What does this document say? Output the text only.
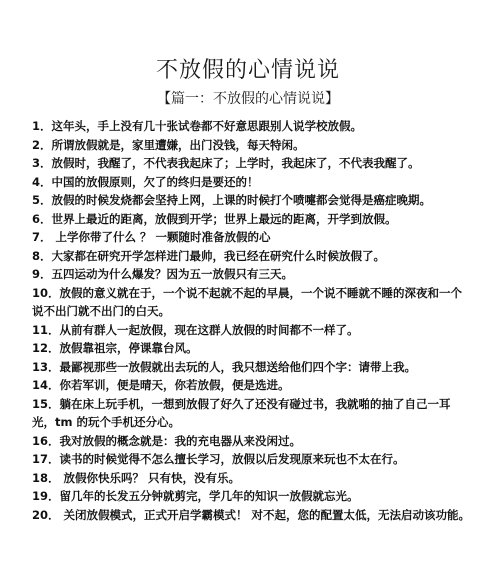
不放假的心情说说
【篇一：不放假的心情说说】

1．这年头，手上没有几十张试卷都不好意思跟别人说学校放假。

2．所谓放假就是，家里遭嫌，出门没钱，每天特闲。

3．放假时，我醒了，不代表我起床了；上学时，我起床了，不代表我醒了。

4．中国的放假原则，欠了的终归是要还的！

5．放假的时候发烧都会坚持上网，上课的时候打个喷嚏都会觉得是癌症晚期。

6．世界上最近的距离，放假到开学；世界上最远的距离，开学到放假。

7． 上学你带了什么 ？ 一颗随时准备放假的心

8．大家都在研究开学怎样进门最帅，我已经在研究什么时候放假了。

9．五四运动为什么爆发？因为五一放假只有三天。

10．放假的意义就在于，一个说不起就不起的早晨，一个说不睡就不睡的深夜和一个说不出门就不出门的白天。

11．从前有群人一起放假，现在这群人放假的时间都不一样了。

12．放假靠祖宗，停课靠台风。

13．最鄙视那些一放假就出去玩的人，我只想送给他们四个字：请带上我。

14．你若军训，便是晴天，你若放假，便是选进。

15．躺在床上玩手机，一想到放假了好久了还没有碰过书，我就啪的抽了自己一耳光，tm 的玩个手机还分心。

16．我对放假的概念就是：我的充电器从来没闲过。

17．读书的时候觉得不怎么擅长学习，放假以后发现原来玩也不太在行。

18． 放假你快乐吗？ 只有快，没有乐。

19．留几年的长发五分钟就剪完，学几年的知识一放假就忘光。

20． 关闭放假模式，正式开启学霸模式！ 对不起，您的配置太低，无法启动该功能。
